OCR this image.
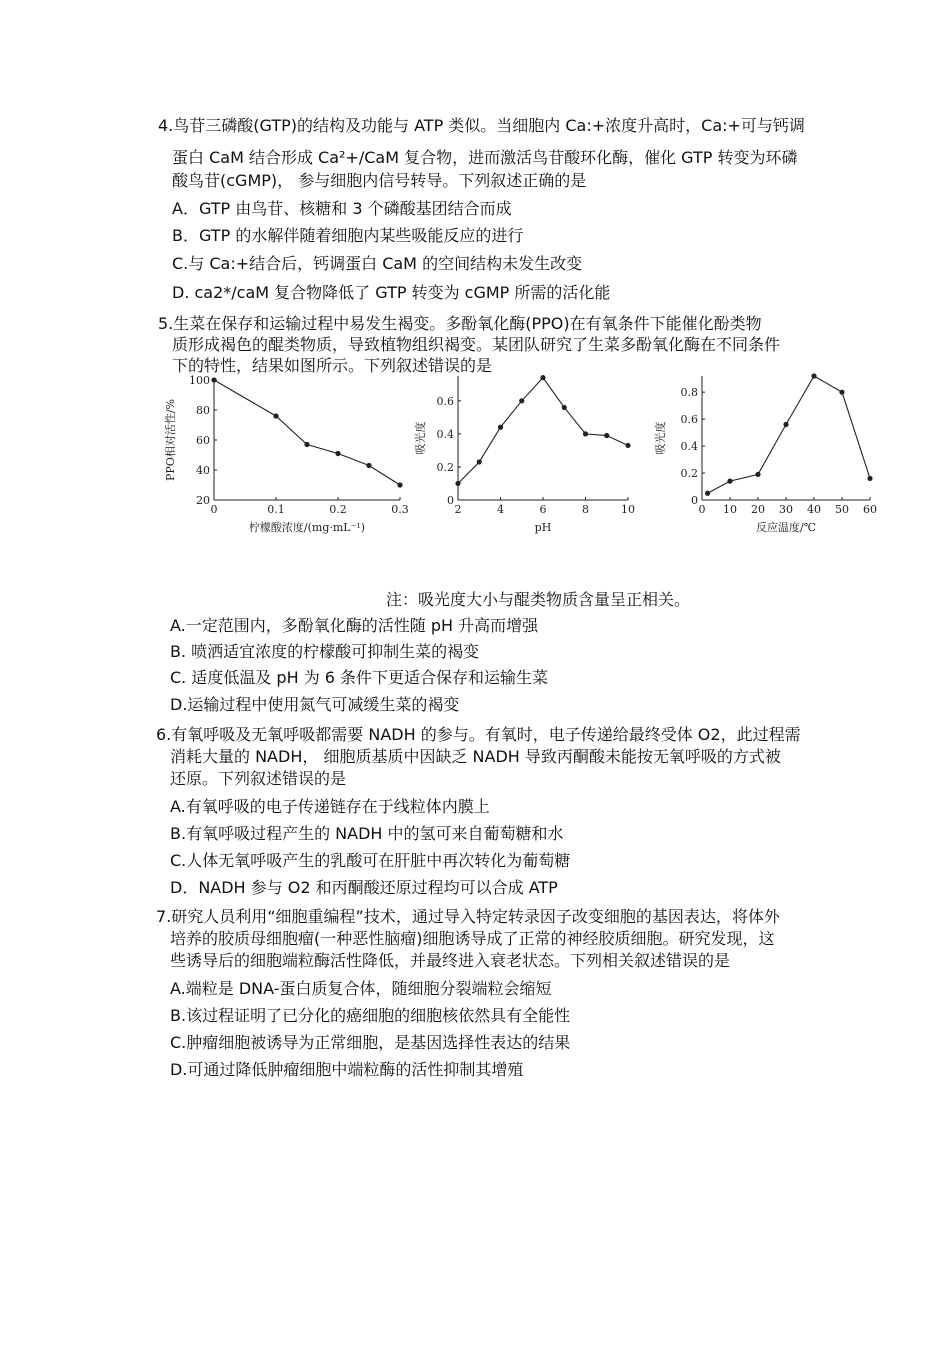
4.鸟苷三磷酸(GTP)的结构及功能与 ATP 类似。当细胞内 Ca:+浓度升高时，Ca:+可与钙调
蛋白 CaM 结合形成 Ca²+/CaM 复合物，进而激活鸟苷酸环化酶，催化 GTP 转变为环磷
酸鸟苷(cGMP)， 参与细胞内信号转导。下列叙述正确的是
A．GTP 由鸟苷、核糖和 3 个磷酸基团结合而成
B．GTP 的水解伴随着细胞内某些吸能反应的进行
C.与 Ca:+结合后，钙调蛋白 CaM 的空间结构未发生改变
D. ca2*/caM 复合物降低了 GTP 转变为 cGMP 所需的活化能
5.生菜在保存和运输过程中易发生褐变。多酚氧化酶(PPO)在有氧条件下能催化酚类物
质形成褐色的醌类物质，导致植物组织褐变。某团队研究了生菜多酚氧化酶在不同条件
下的特性，结果如图所示。下列叙述错误的是
0	0.1	0.2	0.3
20
40
60
80
100
柠檬酸浓度/(mg·mL⁻¹)
PPO相对活性/%
2	4	6	8	10
0
0.2
0.4
0.6
pH
吸光度
0 10 20 30 40 50 60
0
0.2
0.4
0.6
0.8
反应温度/℃
吸光度
注：吸光度大小与醌类物质含量呈正相关。
A.一定范围内，多酚氧化酶的活性随 pH 升高而增强
B. 喷洒适宜浓度的柠檬酸可抑制生菜的褐变
C. 适度低温及 pH 为 6 条件下更适合保存和运输生菜
D.运输过程中使用氮气可减缓生菜的褐变
6.有氧呼吸及无氧呼吸都需要 NADH 的参与。有氧时，电子传递给最终受体 O2，此过程需
消耗大量的 NADH， 细胞质基质中因缺乏 NADH 导致丙酮酸未能按无氧呼吸的方式被
还原。下列叙述错误的是
A.有氧呼吸的电子传递链存在于线粒体内膜上
B.有氧呼吸过程产生的 NADH 中的氢可来自葡萄糖和水
C.人体无氧呼吸产生的乳酸可在肝脏中再次转化为葡萄糖
D．NADH 参与 O2 和丙酮酸还原过程均可以合成 ATP
7.研究人员利用“细胞重编程”技术，通过导入特定转录因子改变细胞的基因表达，将体外
培养的胶质母细胞瘤(一种恶性脑瘤)细胞诱导成了正常的神经胶质细胞。研究发现，这
些诱导后的细胞端粒酶活性降低，并最终进入衰老状态。下列相关叙述错误的是
A.端粒是 DNA-蛋白质复合体，随细胞分裂端粒会缩短
B.该过程证明了已分化的癌细胞的细胞核依然具有全能性
C.肿瘤细胞被诱导为正常细胞，是基因选择性表达的结果
D.可通过降低肿瘤细胞中端粒酶的活性抑制其增殖
